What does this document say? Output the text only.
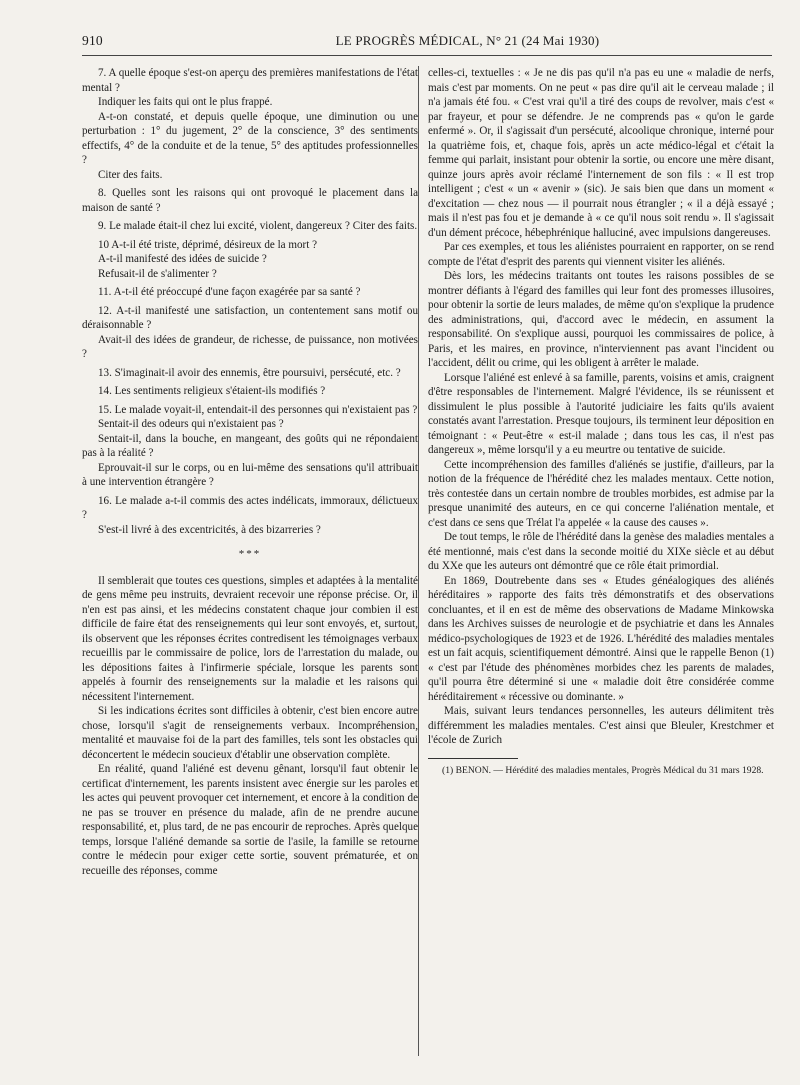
910	LE PROGRÈS MÉDICAL, N° 21 (24 Mai 1930)

7. A quelle époque s'est-on aperçu des premières manifestations de l'état mental ?

Indiquer les faits qui ont le plus frappé.

A-t-on constaté, et depuis quelle époque, une diminution ou une perturbation : 1° du jugement, 2° de la conscience, 3° des sentiments effectifs, 4° de la conduite et de la tenue, 5° des aptitudes professionnelles ?

Citer des faits.

8. Quelles sont les raisons qui ont provoqué le placement dans la maison de santé ?

9. Le malade était-il chez lui excité, violent, dangereux ? Citer des faits.

10 A-t-il été triste, déprimé, désireux de la mort ?

A-t-il manifesté des idées de suicide ?

Refusait-il de s'alimenter ?

11. A-t-il été préoccupé d'une façon exagérée par sa santé ?

12. A-t-il manifesté une satisfaction, un contentement sans motif ou déraisonnable ?

Avait-il des idées de grandeur, de richesse, de puissance, non motivées ?

13. S'imaginait-il avoir des ennemis, être poursuivi, persécuté, etc. ?

14. Les sentiments religieux s'étaient-ils modifiés ?

15. Le malade voyait-il, entendait-il des personnes qui n'existaient pas ?

Sentait-il des odeurs qui n'existaient pas ?

Sentait-il, dans la bouche, en mangeant, des goûts qui ne répondaient pas à la réalité ?

Eprouvait-il sur le corps, ou en lui-même des sensations qu'il attribuait à une intervention étrangère ?

16. Le malade a-t-il commis des actes indélicats, immoraux, délictueux ?

S'est-il livré à des excentricités, à des bizarreries ?

***

Il semblerait que toutes ces questions, simples et adaptées à la mentalité de gens même peu instruits, devraient recevoir une réponse précise. Or, il n'en est pas ainsi, et les médecins constatent chaque jour combien il est difficile de faire état des renseignements qui leur sont envoyés, et, surtout, ils observent que les réponses écrites contredisent les témoignages verbaux recueillis par le commissaire de police, lors de l'arrestation du malade, ou les dépositions faites à l'infirmerie spéciale, lorsque les parents sont appelés à fournir des renseignements sur la maladie et les raisons qui nécessitent l'internement.

Si les indications écrites sont difficiles à obtenir, c'est bien encore autre chose, lorsqu'il s'agit de renseignements verbaux. Incompréhension, mentalité et mauvaise foi de la part des familles, tels sont les obstacles qui déconcertent le médecin soucieux d'établir une observation complète.

En réalité, quand l'aliéné est devenu gênant, lorsqu'il faut obtenir le certificat d'internement, les parents insistent avec énergie sur les paroles et les actes qui peuvent provoquer cet internement, et encore à la condition de ne pas se trouver en présence du malade, afin de ne prendre aucune responsabilité, et, plus tard, de ne pas encourir de reproches. Après quelque temps, lorsque l'aliéné demande sa sortie de l'asile, la famille se retourne contre le médecin pour exiger cette sortie, souvent prématurée, et on recueille des réponses, comme

celles-ci, textuelles : « Je ne dis pas qu'il n'a pas eu une « maladie de nerfs, mais c'est par moments. On ne peut « pas dire qu'il ait le cerveau malade ; il n'a jamais été fou. « C'est vrai qu'il a tiré des coups de revolver, mais c'est « par frayeur, et pour se défendre. Je ne comprends pas « qu'on le garde enfermé ». Or, il s'agissait d'un persécuté, alcoolique chronique, interné pour la quatrième fois, et, chaque fois, après un acte médico-légal et c'était la femme qui parlait, insistant pour obtenir la sortie, ou encore une mère disant, quinze jours après avoir réclamé l'internement de son fils : « Il est trop intelligent ; c'est « un « avenir » (sic). Je sais bien que dans un moment « d'excitation — chez nous — il pourrait nous étrangler ; « il a déjà essayé ; mais il n'est pas fou et je demande à « ce qu'il nous soit rendu ». Il s'agissait d'un dément précoce, hébephrénique halluciné, avec impulsions dangereuses.

Par ces exemples, et tous les aliénistes pourraient en rapporter, on se rend compte de l'état d'esprit des parents qui viennent visiter les aliénés.

Dès lors, les médecins traitants ont toutes les raisons possibles de se montrer défiants à l'égard des familles qui leur font des promesses illusoires, pour obtenir la sortie de leurs malades, de même qu'on s'explique la prudence des administrations, qui, d'accord avec le médecin, en assument la responsabilité. On s'explique aussi, pourquoi les commissaires de police, à Paris, et les maires, en province, n'interviennent pas avant l'incident ou l'accident, délit ou crime, qui les obligent à arrêter le malade.

Lorsque l'aliéné est enlevé à sa famille, parents, voisins et amis, craignent d'être responsables de l'internement. Malgré l'évidence, ils se réunissent et dissimulent le plus possible à l'autorité judiciaire les faits qu'ils avaient constatés avant l'arrestation. Presque toujours, ils terminent leur déposition en témoignant : « Peut-être « est-il malade ; dans tous les cas, il n'est pas dangereux », même lorsqu'il y a eu meurtre ou tentative de suicide.

Cette incompréhension des familles d'aliénés se justifie, d'ailleurs, par la notion de la fréquence de l'hérédité chez les malades mentaux. Cette notion, très contestée dans un certain nombre de troubles morbides, est admise par la presque unanimité des auteurs, en ce qui concerne l'aliénation mentale, et c'est dans ce sens que Trélat l'a appelée « la cause des causes ».

De tout temps, le rôle de l'hérédité dans la genèse des maladies mentales a été mentionné, mais c'est dans la seconde moitié du XIXe siècle et au début du XXe que les auteurs ont démontré que ce rôle était primordial.

En 1869, Doutrebente dans ses « Etudes généalogiques des aliénés héréditaires » rapporte des faits très démonstratifs et des observations concluantes, et il en est de même des observations de Madame Minkowska dans les Archives suisses de neurologie et de psychiatrie et dans les Annales médico-psychologiques de 1923 et de 1926. L'hérédité des maladies mentales est un fait acquis, scientifiquement démontré. Ainsi que le rappelle Benon (1) « c'est par l'étude des phénomènes morbides chez les parents de malades, qu'il pourra être déterminé si une « maladie doit être considérée comme héréditairement « récessive ou dominante. »

Mais, suivant leurs tendances personnelles, les auteurs délimitent très différemment les maladies mentales. C'est ainsi que Bleuler, Krestchmer et l'école de Zurich

(1) BENON. — Hérédité des maladies mentales, Progrès Médical du 31 mars 1928.
